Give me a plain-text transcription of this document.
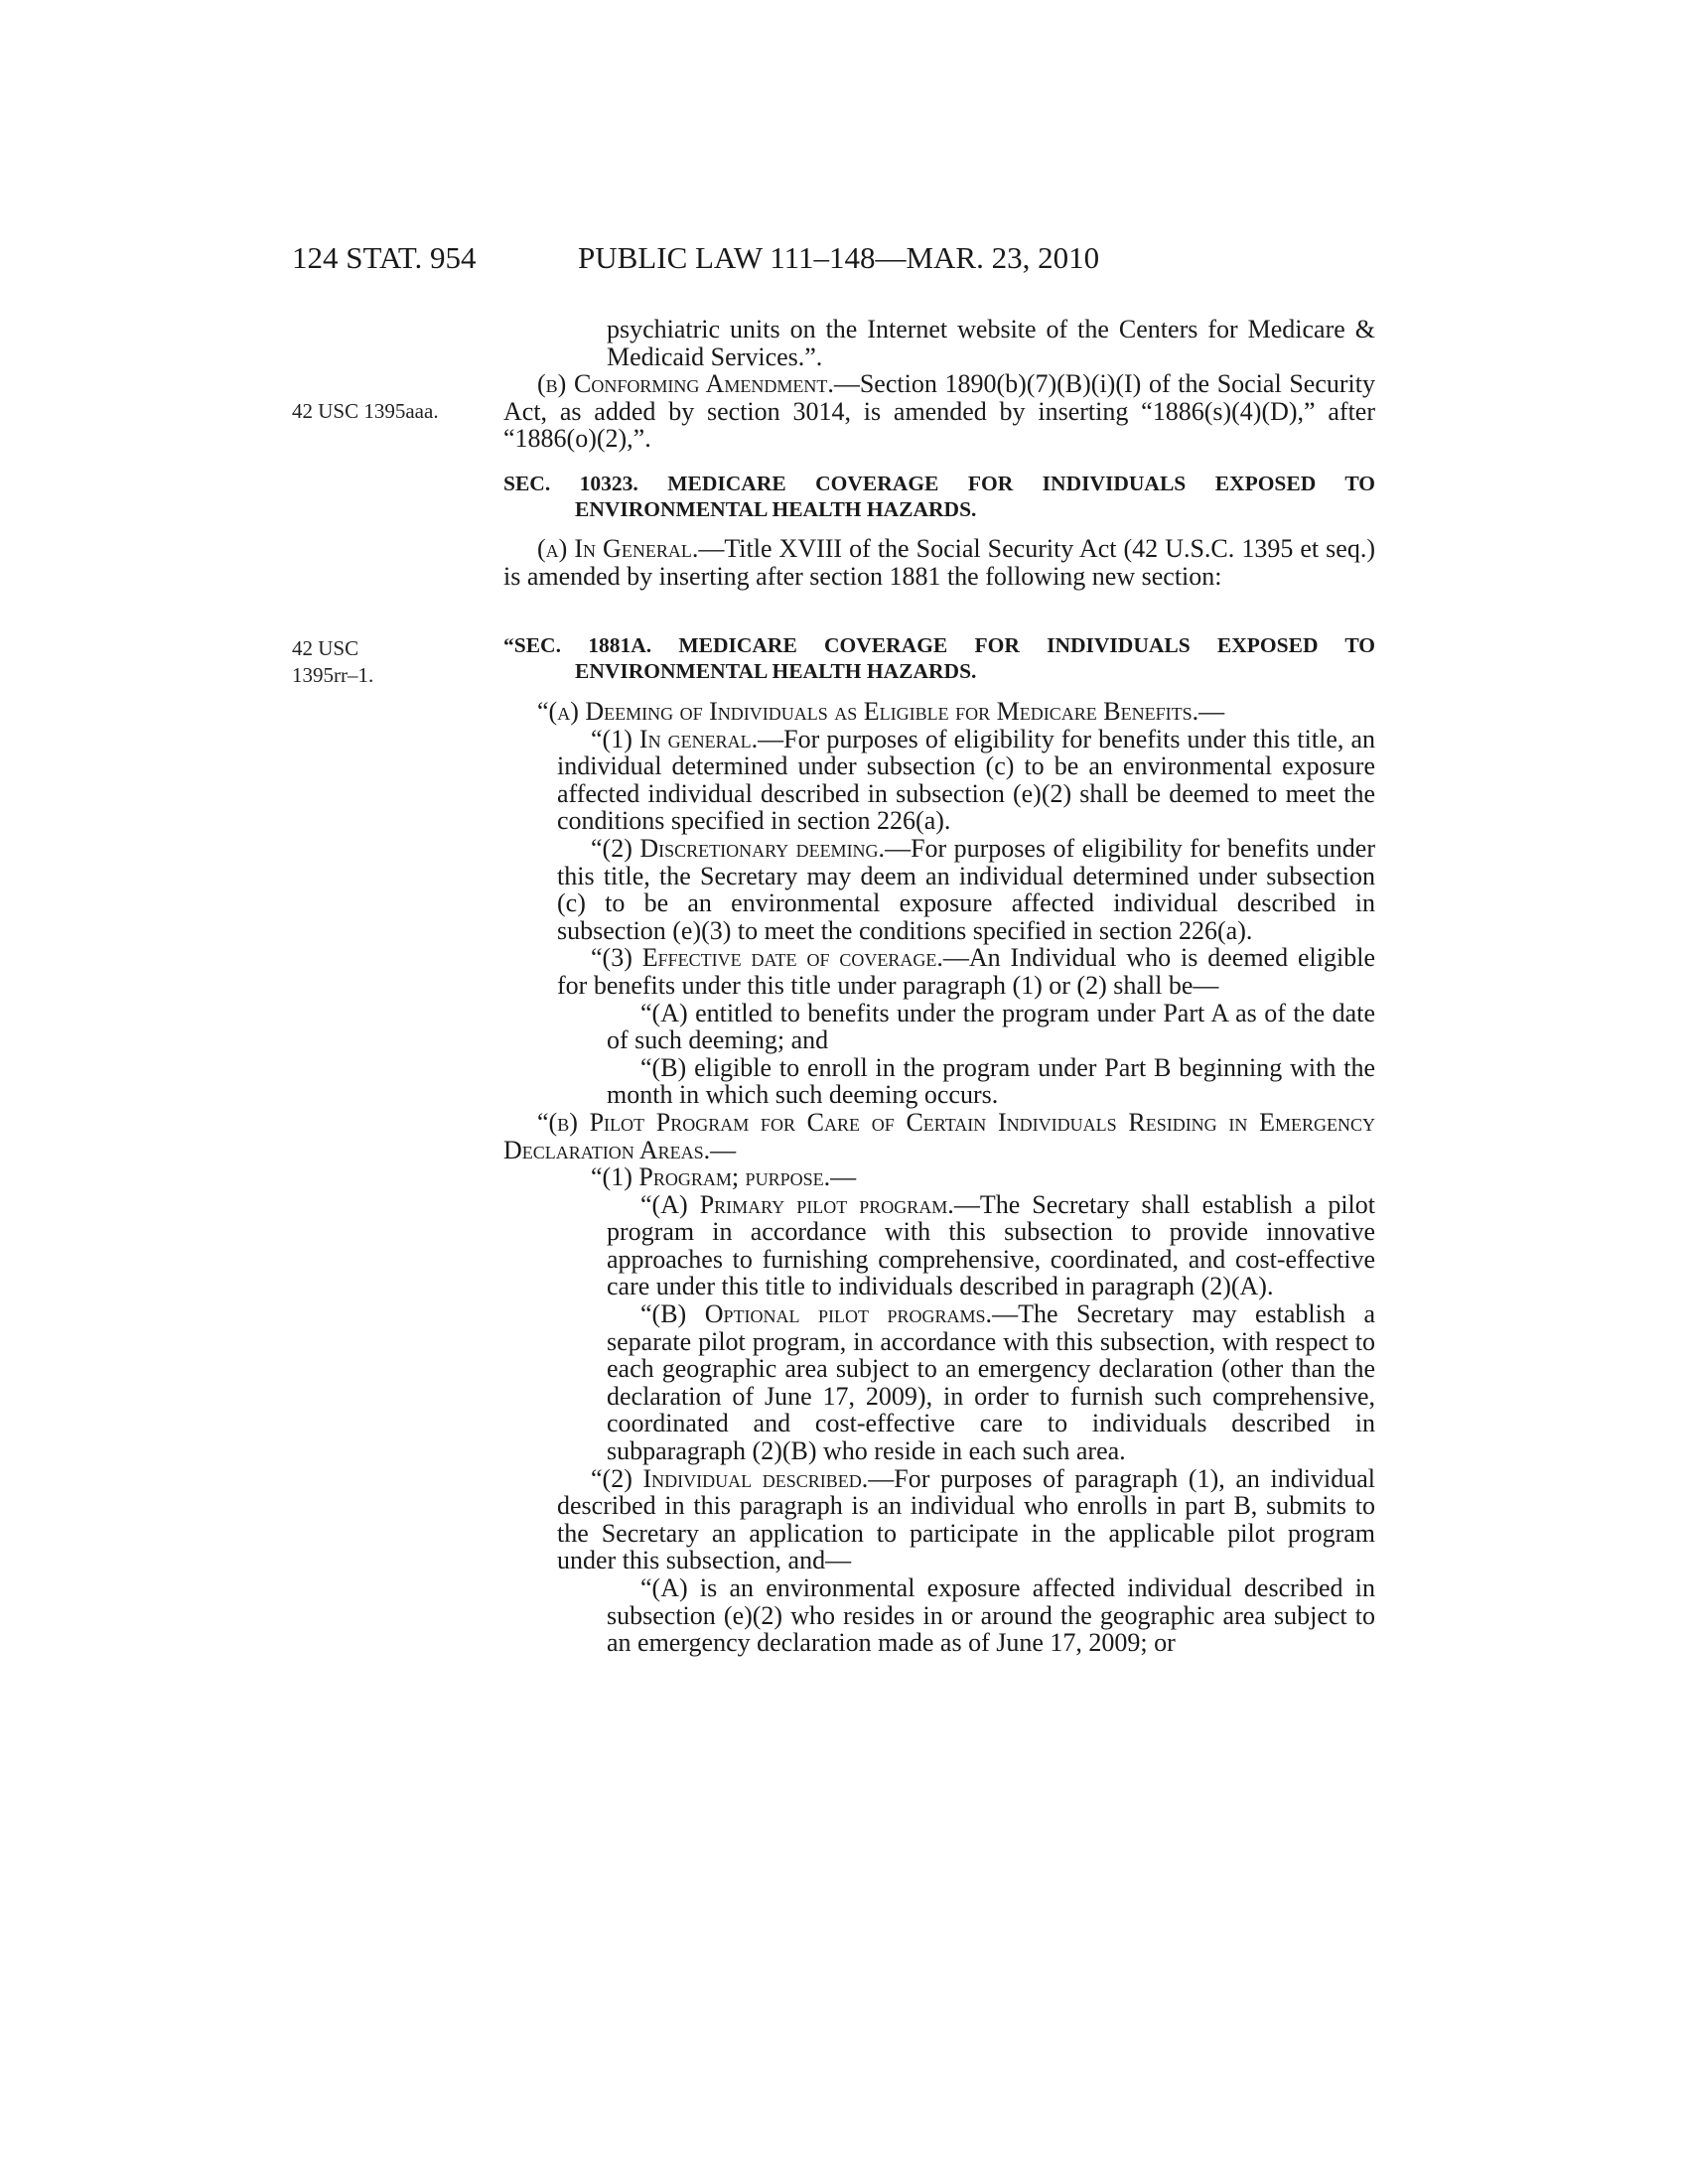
124 STAT. 954	PUBLIC LAW 111–148—MAR. 23, 2010
42 USC 1395aaa.
42 USC
1395rr–1.

psychiatric units on the Internet website of the Centers for Medicare & Medicaid Services.”.

(b) Conforming Amendment.—Section 1890(b)(7)(B)(i)(I) of the Social Security Act, as added by section 3014, is amended by inserting “1886(s)(4)(D),” after “1886(o)(2),”.

SEC. 10323. MEDICARE COVERAGE FOR INDIVIDUALS EXPOSED TO ENVIRONMENTAL HEALTH HAZARDS.

(a) In General.—Title XVIII of the Social Security Act (42 U.S.C. 1395 et seq.) is amended by inserting after section 1881 the following new section:

“SEC. 1881A. MEDICARE COVERAGE FOR INDIVIDUALS EXPOSED TO ENVIRONMENTAL HEALTH HAZARDS.

“(a) Deeming of Individuals as Eligible for Medicare Benefits.—

“(1) In general.—For purposes of eligibility for benefits under this title, an individual determined under subsection (c) to be an environmental exposure affected individual described in subsection (e)(2) shall be deemed to meet the conditions specified in section 226(a).

“(2) Discretionary deeming.—For purposes of eligibility for benefits under this title, the Secretary may deem an individual determined under subsection (c) to be an environmental exposure affected individual described in subsection (e)(3) to meet the conditions specified in section 226(a).

“(3) Effective date of coverage.—An Individual who is deemed eligible for benefits under this title under paragraph (1) or (2) shall be—

“(A) entitled to benefits under the program under Part A as of the date of such deeming; and

“(B) eligible to enroll in the program under Part B beginning with the month in which such deeming occurs.

“(b) Pilot Program for Care of Certain Individuals Residing in Emergency Declaration Areas.—

“(1) Program; purpose.—

“(A) Primary pilot program.—The Secretary shall establish a pilot program in accordance with this subsection to provide innovative approaches to furnishing comprehensive, coordinated, and cost-effective care under this title to individuals described in paragraph (2)(A).

“(B) Optional pilot programs.—The Secretary may establish a separate pilot program, in accordance with this subsection, with respect to each geographic area subject to an emergency declaration (other than the declaration of June 17, 2009), in order to furnish such comprehensive, coordinated and cost-effective care to individuals described in subparagraph (2)(B) who reside in each such area.

“(2) Individual described.—For purposes of paragraph (1), an individual described in this paragraph is an individual who enrolls in part B, submits to the Secretary an application to participate in the applicable pilot program under this subsection, and—

“(A) is an environmental exposure affected individual described in subsection (e)(2) who resides in or around the geographic area subject to an emergency declaration made as of June 17, 2009; or
